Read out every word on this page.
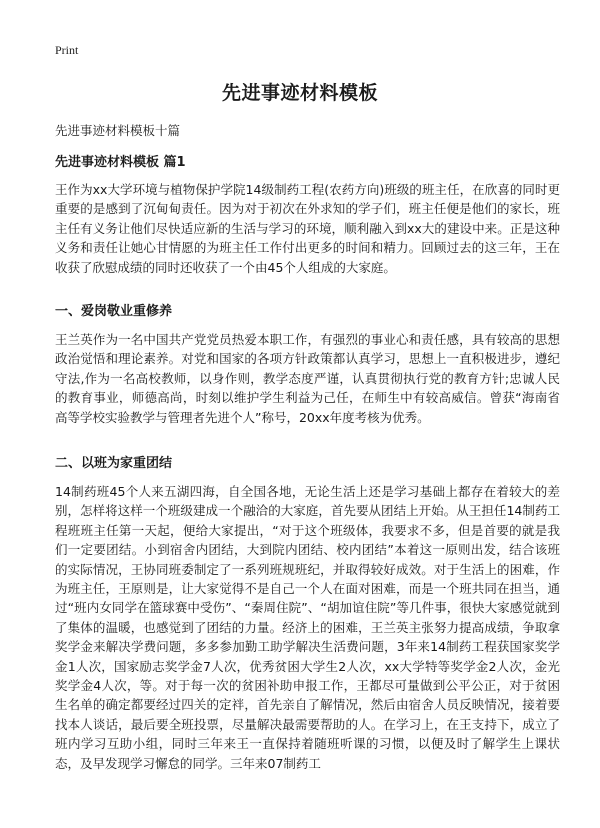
Print
先进事迹材料模板
先进事迹材料模板十篇
先进事迹材料模板 篇1

王作为xx大学环境与植物保护学院14级制药工程(农药方向)班级的班主任，在欣喜的同时更重要的是感到了沉甸甸责任。因为对于初次在外求知的学子们，班主任便是他们的家长，班主任有义务让他们尽快适应新的生活与学习的环境，顺利融入到xx大的建设中来。正是这种义务和责任让她心甘情愿的为班主任工作付出更多的时间和精力。回顾过去的这三年，王在收获了欣慰成绩的同时还收获了一个由45个人组成的大家庭。

一、爱岗敬业重修养

王兰英作为一名中国共产党党员热爱本职工作，有强烈的事业心和责任感，具有较高的思想政治觉悟和理论素养。对党和国家的各项方针政策都认真学习，思想上一直积极进步，遵纪守法,作为一名高校教师，以身作则，教学态度严谨，认真贯彻执行党的教育方针;忠诚人民的教育事业，师德高尚，时刻以维护学生利益为己任，在师生中有较高威信。曾获“海南省高等学校实验教学与管理者先进个人”称号，20xx年度考核为优秀。

二、以班为家重团结

14制药班45个人来五湖四海，自全国各地，无论生活上还是学习基础上都存在着较大的差别，怎样将这样一个班级建成一个融洽的大家庭，首先要从团结上开始。从王担任14制药工程班班主任第一天起，便给大家提出，“对于这个班级体，我要求不多，但是首要的就是我们一定要团结。小到宿舍内团结，大到院内团结、校内团结”本着这一原则出发，结合该班的实际情况，王协同班委制定了一系列班规班纪，并取得较好成效。对于生活上的困难，作为班主任，王原则是，让大家觉得不是自己一个人在面对困难，而是一个班共同在担当，通过“班内女同学在篮球赛中受伤”、“秦周住院”、“胡加谊住院”等几件事，很快大家感觉就到了集体的温暖，也感觉到了团结的力量。经济上的困难，王兰英主张努力提高成绩，争取拿奖学金来解决学费问题，多多参加勤工助学解决生活费问题，3年来14制药工程获国家奖学金1人次，国家励志奖学金7人次，优秀贫困大学生2人次，xx大学特等奖学金2人次，金光奖学金4人次，等。对于每一次的贫困补助申报工作，王都尽可量做到公平公正，对于贫困生名单的确定都要经过四关的定袢，首先亲自了解情况，然后由宿舍人员反映情况，接着要找本人谈话，最后要全班投票，尽量解决最需要帮助的人。在学习上，在王支持下，成立了班内学习互助小组，同时三年来王一直保持着随班听课的习惯，以便及时了解学生上课状态，及早发现学习懈怠的同学。三年来07制药工
